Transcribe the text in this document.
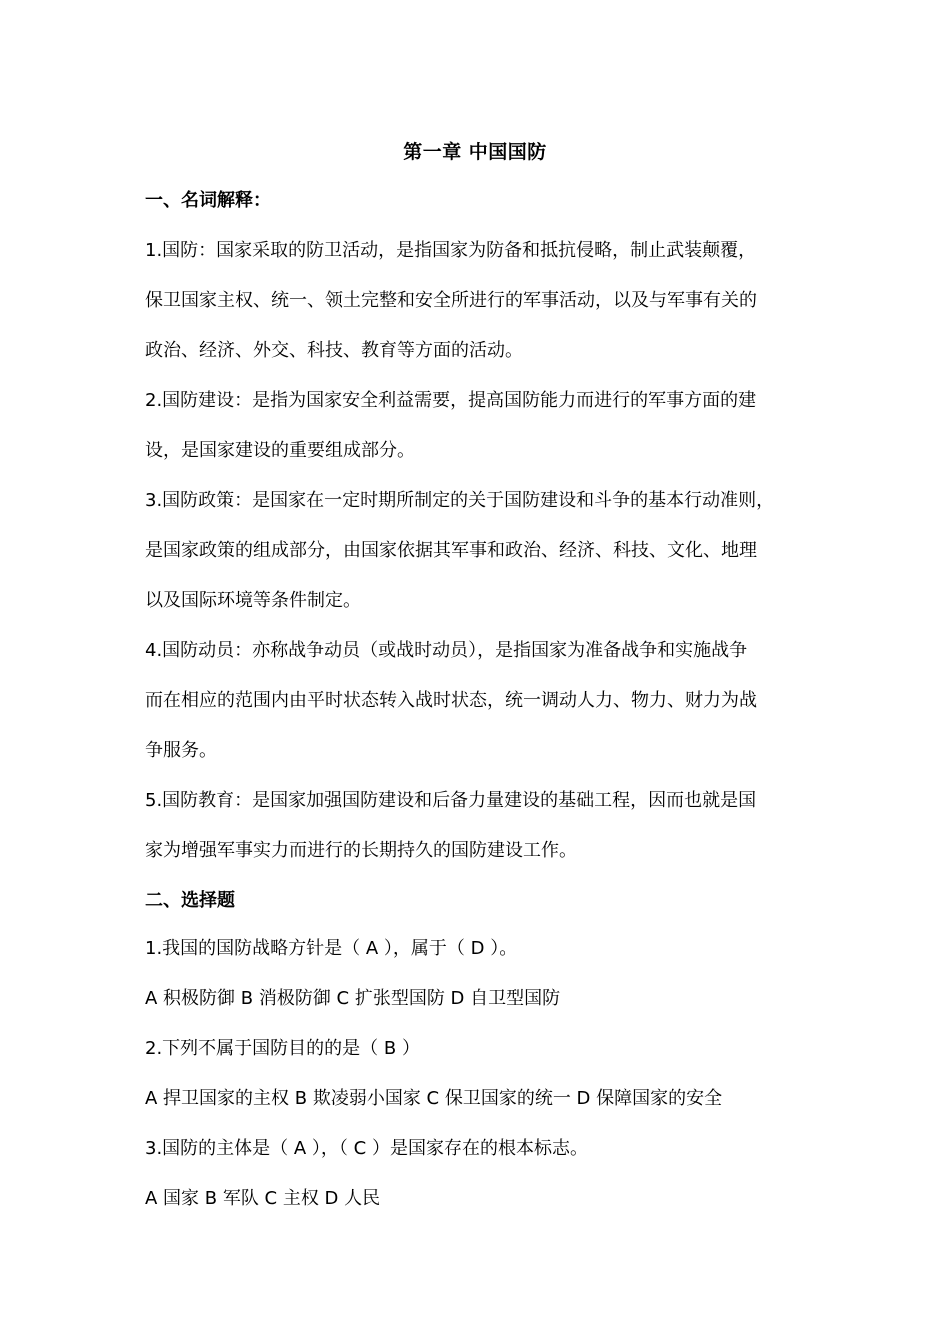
第一章 中国国防
一、名词解释：
1.国防：国家采取的防卫活动，是指国家为防备和抵抗侵略，制止武装颠覆，
保卫国家主权、统一、领土完整和安全所进行的军事活动，以及与军事有关的
政治、经济、外交、科技、教育等方面的活动。
2.国防建设：是指为国家安全利益需要，提高国防能力而进行的军事方面的建
设，是国家建设的重要组成部分。
3.国防政策：是国家在一定时期所制定的关于国防建设和斗争的基本行动准则，
是国家政策的组成部分，由国家依据其军事和政治、经济、科技、文化、地理
以及国际环境等条件制定。
4.国防动员：亦称战争动员（或战时动员），是指国家为准备战争和实施战争
而在相应的范围内由平时状态转入战时状态，统一调动人力、物力、财力为战
争服务。
5.国防教育：是国家加强国防建设和后备力量建设的基础工程，因而也就是国
家为增强军事实力而进行的长期持久的国防建设工作。
二、选择题
1.我国的国防战略方针是（ A ），属于（ D ）。
A 积极防御 B 消极防御 C 扩张型国防 D 自卫型国防
2.下列不属于国防目的的是（ B ）
A 捍卫国家的主权 B 欺凌弱小国家 C 保卫国家的统一 D 保障国家的安全
3.国防的主体是（ A ），（ C ）是国家存在的根本标志。
A 国家 B 军队 C 主权 D 人民
